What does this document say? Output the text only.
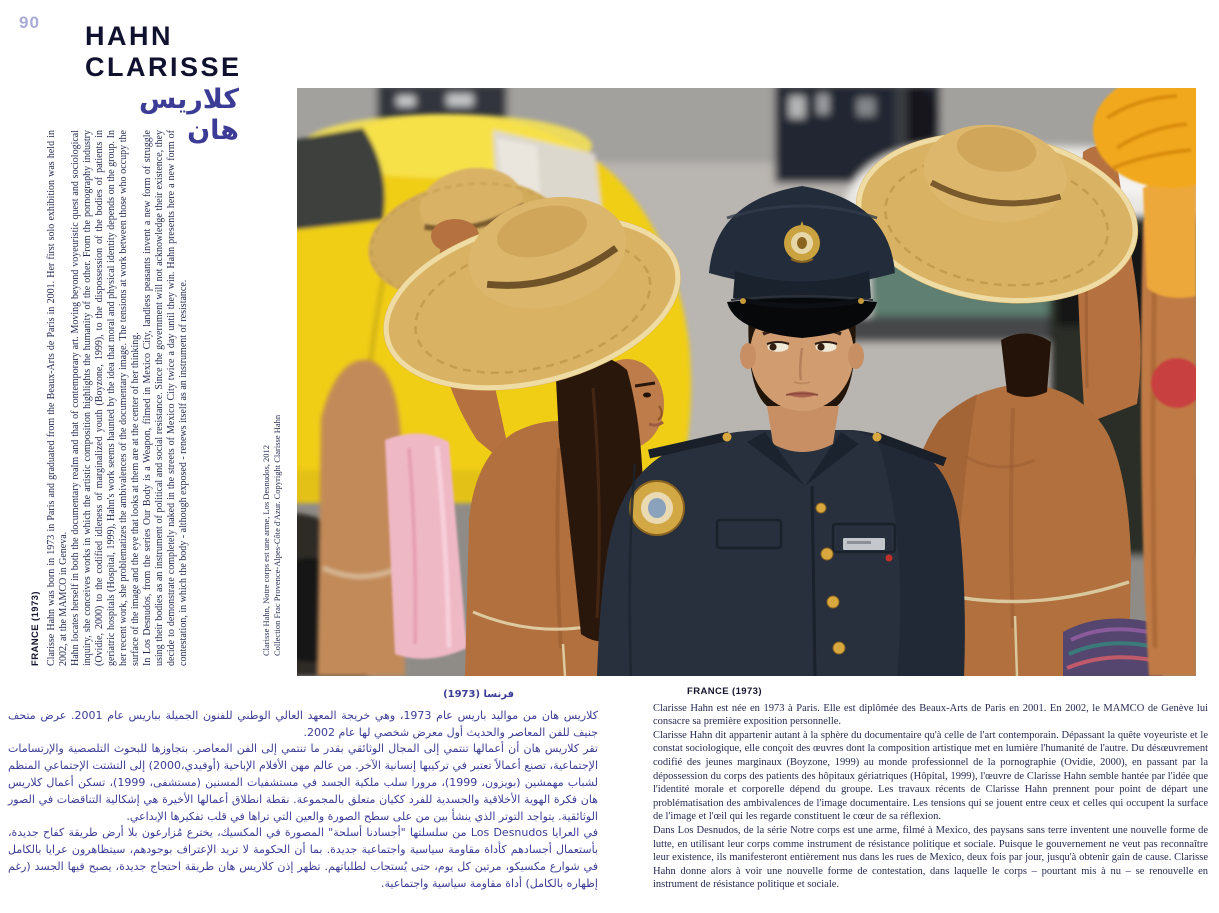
90 HAHN
CLARISSE
كلاريس هان
FRANCE (1973) Clarisse Hahn was born in 1973 in Paris and graduated from the Beaux-Arts de Paris in 2001. Her first solo exhibition was held in 2002, at the MAMCO in Geneva. Hahn locates herself in both the documentary realm and that of contemporary art. Moving beyond voyeuristic quest and sociological inquiry, she conceives works in which the artistic composition highlights the humanity of the other. From the pornography industry (Ovidie, 2000) to the codified idleness of marginalized youth (Boyzone, 1999), to the dispossession of the bodies of patients in geriatric hospitals (Hospital, 1999), Hahn's work seems haunted by the idea that moral and physical identity depends on the group. In her recent work, she problematizes the ambivalences of the documentary image. The tensions at work between those who occupy the surface of the image and the eye that looks at them are at the center of her thinking. In Los Desnudos, from the series Our Body is a Weapon, filmed in Mexico City, landless peasants invent a new form of struggle using their bodies as an instrument of political and social resistance. Since the government will not acknowledge their existence, they decide to demonstrate completely naked in the streets of Mexico City twice a day until they win. Hahn presents here a new form of contestation, in which the body - although exposed - renews itself as an instrument of resistance.	Clarisse Hahn, Notre corps est une arme, Los Desnudos, 2012 Collection Frac Provence-Alpes-Côte d'Azur. Copyright Clarisse Hahn
فرنسا (1973)

كلاريس هان من مواليد باريس عام 1973، وهي خريجة المعهد العالي الوطني للفنون الجميلة بباريس عام 2001. عرض متحف جنيف للفن المعاصر والحديث أول معرض شخصي لها عام 2002.

تقر كلاريس هان أن أعمالها تنتمي إلى المجال الوثائقي بقدر ما تنتمي إلى الفن المعاصر. بتجاوزها للبحوث التلصصية والإرتسامات الإجتماعية، تصنع أعمالاً تعتبر في تركيبها إنسانية الآخر. من عالم مهن الأفلام الإباحية (أوفيدي،2000) إلى التشتت الإجتماعي المنظم لشباب مهمشين (بويزون، 1999)، مرورا سلب ملكية الجسد في مستشفيات المسنين (مستشفى، 1999)، تسكن أعمال كلاريس هان فكرة الهوية الأخلاقية والجسدية للفرد ككيان متعلق بالمجموعة. نقطة انطلاق أعمالها الأخيرة هي إشكالية التناقضات في الصور الوثائقية. يتواجد التوتر الذي ينشأ بين من على سطح الصورة والعين التي تراها في قلب تفكيرها الإبداعي.

في العرايا Los Desnudos من سلسلتها "أجسادنا أسلحة" المصورة في المكسيك، يخترع مُزارعون بلا أرض طريقة كفاح جديدة، بأستعمال أجسادهم كأداة مقاومة سياسية واجتماعية جديدة. بما أن الحكومة لا تريد الإعتراف بوجودهم، سيتظاهرون عرايا بالكامل في شوارع مكسيكو، مرتين كل يوم، حتى يُستجاب لطلباتهم. تظهر إذن كلاريس هان طريقة احتجاج جديدة، يصبح فيها الجسد (رغم إظهاره بالكامل) أداة مقاومة سياسية واجتماعية.

FRANCE (1973)

Clarisse Hahn est née en 1973 à Paris. Elle est diplômée des Beaux-Arts de Paris en 2001. En 2002, le MAMCO de Genève lui consacre sa première exposition personnelle.

Clarisse Hahn dit appartenir autant à la sphère du documentaire qu'à celle de l'art contemporain. Dépassant la quête voyeuriste et le constat sociologique, elle conçoit des œuvres dont la composition artistique met en lumière l'humanité de l'autre. Du désœuvrement codifié des jeunes marginaux (Boyzone, 1999) au monde professionnel de la pornographie (Ovidie, 2000), en passant par la dépossession du corps des patients des hôpitaux gériatriques (Hôpital, 1999), l'œuvre de Clarisse Hahn semble hantée par l'idée que l'identité morale et corporelle dépend du groupe. Les travaux récents de Clarisse Hahn prennent pour point de départ une problématisation des ambivalences de l'image documentaire. Les tensions qui se jouent entre ceux et celles qui occupent la surface de l'image et l'œil qui les regarde constituent le cœur de sa réflexion.

Dans Los Desnudos, de la série Notre corps est une arme, filmé à Mexico, des paysans sans terre inventent une nouvelle forme de lutte, en utilisant leur corps comme instrument de résistance politique et sociale. Puisque le gouvernement ne veut pas reconnaître leur existence, ils manifesteront entièrement nus dans les rues de Mexico, deux fois par jour, jusqu'à obtenir gain de cause. Clarisse Hahn donne alors à voir une nouvelle forme de contestation, dans laquelle le corps – pourtant mis à nu – se renouvelle en instrument de résistance politique et sociale.
